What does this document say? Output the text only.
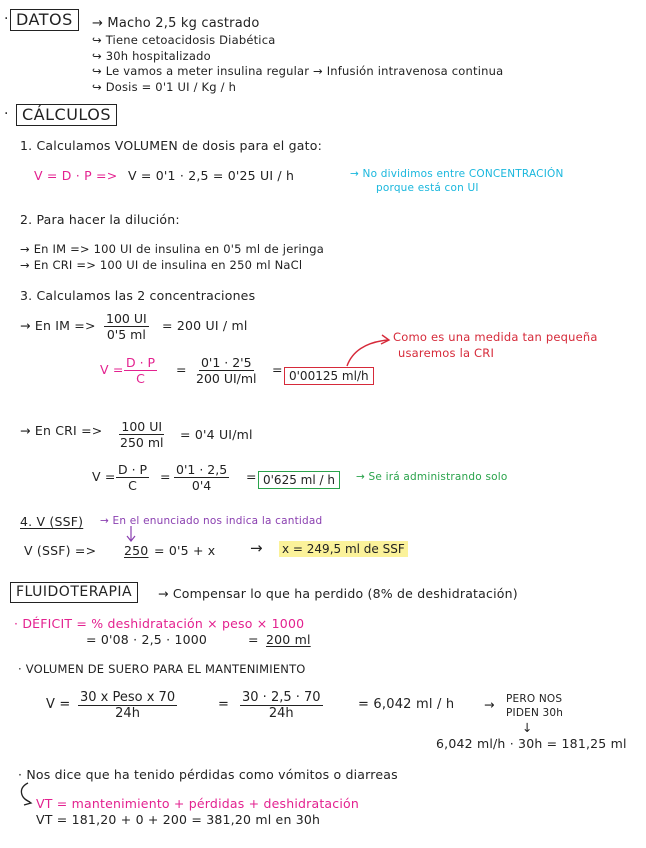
· DATOS	→ Macho 2,5 kg castrado
↪ Tiene cetoacidosis Diabética
↪ 30h hospitalizado
↪ Le vamos a meter insulina regular → Infusión intravenosa continua
↪ Dosis = 0'1 UI / Kg / h
· CÁLCULOS
1. Calculamos VOLUMEN de dosis para el gato:
V = D · P => V = 0'1 · 2,5 = 0'25 UI / h	→ No dividimos entre CONCENTRACIÓN
porque está con UI
2. Para hacer la dilución:
→ En IM => 100 UI de insulina en 0'5 ml de jeringa
→ En CRI => 100 UI de insulina en 250 ml NaCl
3. Calculamos las 2 concentraciones
→ En IM => $\frac{100 UI}{0'5 ml} = 200$ UI / ml
Como es una medida tan pequeña
usaremos la CRI
$V = \frac{D \cdot P}{C} = \frac{0'1 \cdot 2'5}{200 UI/ml} = 0'00125$ ml/h
→ En CRI => $\frac{100 UI}{250 ml} = 0'4$ UI/ml
$V = \frac{D \cdot P}{C} = \frac{0'1 \cdot 2,5}{0'4} = 0'625$ ml / h	→ Se irá administrando solo
4. V (SSF) → En el enunciado nos indica la cantidad
V (SSF) => 250 = 0'5 + x → x = 249,5 ml de SSF
FLUIDOTERAPIA	→ Compensar lo que ha perdido (8% de deshidratación)
· DÉFICIT = % deshidratación × peso × 1000
= 0'08 · 2,5 · 1000	= 200 ml
· VOLUMEN DE SUERO PARA EL MANTENIMIENTO
V = 30 x Peso x 70
24h
= $\frac{30 \cdot 2,5 \cdot 70}{24h}$	= 6,042 ml / h → PERO NOS
PIDEN 30h
↓
6,042 ml/h · 30h = 181,25 ml
· Nos dice que ha tenido pérdidas como vómitos o diarreas
VT = mantenimiento + pérdidas + deshidratación
VT = 181,20 + 0 + 200 = 381,20 ml en 30h
